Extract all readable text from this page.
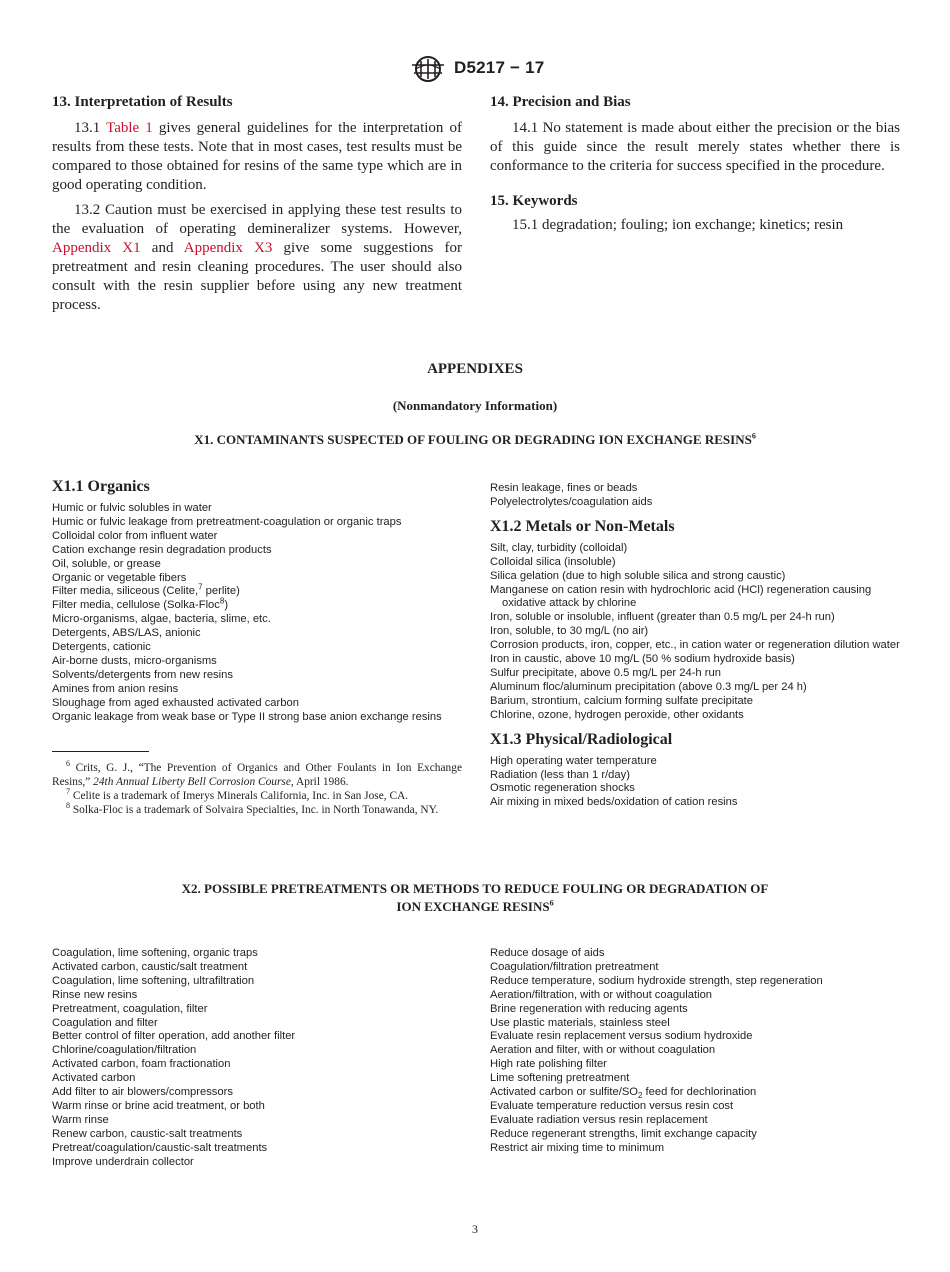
D5217 − 17

13. Interpretation of Results

13.1 Table 1 gives general guidelines for the interpretation of results from these tests. Note that in most cases, test results must be compared to those obtained for resins of the same type which are in good operating condition.

13.2 Caution must be exercised in applying these test results to the evaluation of operating demineralizer systems. However, Appendix X1 and Appendix X3 give some suggestions for pretreatment and resin cleaning procedures. The user should also consult with the resin supplier before using any new treatment process.

14. Precision and Bias

14.1 No statement is made about either the precision or the bias of this guide since the result merely states whether there is conformance to the criteria for success specified in the procedure.

15. Keywords

15.1 degradation; fouling; ion exchange; kinetics; resin

APPENDIXES
(Nonmandatory Information)
X1. CONTAMINANTS SUSPECTED OF FOULING OR DEGRADING ION EXCHANGE RESINS$^6$

X1.1 Organics

Humic or fulvic solubles in water
Humic or fulvic leakage from pretreatment-coagulation or organic traps
Colloidal color from influent water
Cation exchange resin degradation products
Oil, soluble, or grease
Organic or vegetable fibers
Filter media, siliceous (Celite,$^7$ perlite)
Filter media, cellulose (Solka-Floc$^8$)
Micro-organisms, algae, bacteria, slime, etc.
Detergents, ABS/LAS, anionic
Detergents, cationic
Air-borne dusts, micro-organisms
Solvents/detergents from new resins
Amines from anion resins
Sloughage from aged exhausted activated carbon
Organic leakage from weak base or Type II strong base anion exchange resins
Resin leakage, fines or beads
Polyelectrolytes/coagulation aids

X1.2 Metals or Non-Metals

Silt, clay, turbidity (colloidal)
Colloidal silica (insoluble)
Silica gelation (due to high soluble silica and strong caustic)
Manganese on cation resin with hydrochloric acid (HCl) regeneration causing oxidative attack by chlorine
Iron, soluble or insoluble, influent (greater than 0.5 mg/L per 24-h run)
Iron, soluble, to 30 mg/L (no air)
Corrosion products, iron, copper, etc., in cation water or regeneration dilution water
Iron in caustic, above 10 mg/L (50 % sodium hydroxide basis)
Sulfur precipitate, above 0.5 mg/L per 24-h run
Aluminum floc/aluminum precipitation (above 0.3 mg/L per 24 h)
Barium, strontium, calcium forming sulfate precipitate
Chlorine, ozone, hydrogen peroxide, other oxidants

X1.3 Physical/Radiological

High operating water temperature
Radiation (less than 1 r/day)
Osmotic regeneration shocks
Air mixing in mixed beds/oxidation of cation resins

$^6$ Crits, G. J., “The Prevention of Organics and Other Foulants in Ion Exchange Resins,” 24th Annual Liberty Bell Corrosion Course, April 1986.

$^7$ Celite is a trademark of Imerys Minerals California, Inc. in San Jose, CA.

$^8$ Solka-Floc is a trademark of Solvaira Specialties, Inc. in North Tonawanda, NY.

X2. POSSIBLE PRETREATMENTS OR METHODS TO REDUCE FOULING OR DEGRADATION OF
ION EXCHANGE RESINS$^6$
Coagulation, lime softening, organic traps
Activated carbon, caustic/salt treatment
Coagulation, lime softening, ultrafiltration
Rinse new resins
Pretreatment, coagulation, filter
Coagulation and filter
Better control of filter operation, add another filter
Chlorine/coagulation/filtration
Activated carbon, foam fractionation
Activated carbon
Add filter to air blowers/compressors
Warm rinse or brine acid treatment, or both
Warm rinse
Renew carbon, caustic-salt treatments
Pretreat/coagulation/caustic-salt treatments
Improve underdrain collector
Reduce dosage of aids
Coagulation/filtration pretreatment
Reduce temperature, sodium hydroxide strength, step regeneration
Aeration/filtration, with or without coagulation
Brine regeneration with reducing agents
Use plastic materials, stainless steel
Evaluate resin replacement versus sodium hydroxide
Aeration and filter, with or without coagulation
High rate polishing filter
Lime softening pretreatment
Activated carbon or sulfite/$SO_2$ feed for dechlorination
Evaluate temperature reduction versus resin cost
Evaluate radiation versus resin replacement
Reduce regenerant strengths, limit exchange capacity
Restrict air mixing time to minimum
3
